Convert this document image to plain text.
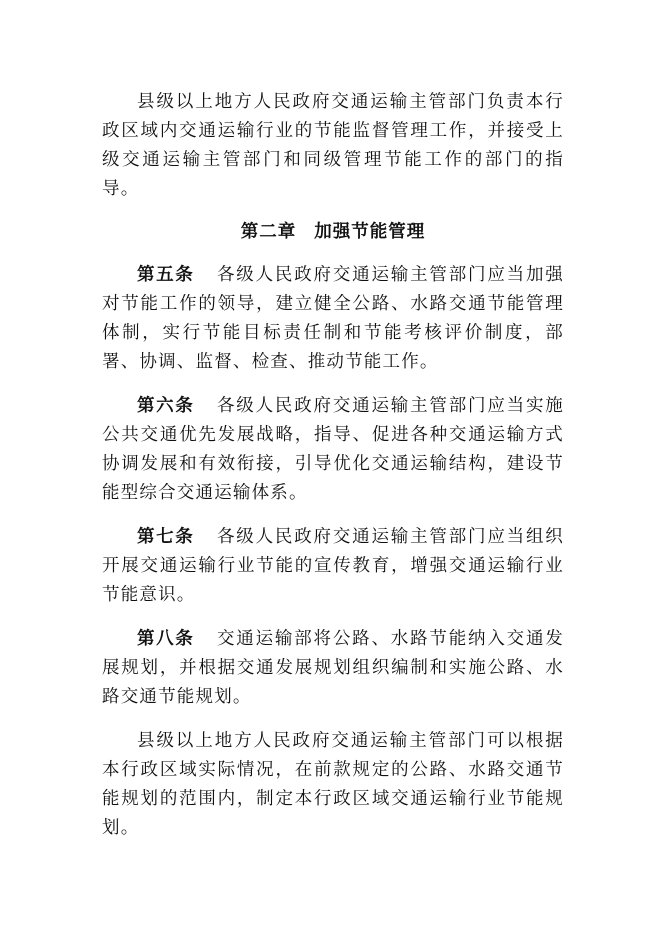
县级以上地方人民政府交通运输主管部门负责本行政区域内交通运输行业的节能监督管理工作，并接受上级交通运输主管部门和同级管理节能工作的部门的指导。

第二章 加强节能管理

第五条 各级人民政府交通运输主管部门应当加强对节能工作的领导，建立健全公路、水路交通节能管理体制，实行节能目标责任制和节能考核评价制度，部署、协调、监督、检查、推动节能工作。

第六条 各级人民政府交通运输主管部门应当实施公共交通优先发展战略，指导、促进各种交通运输方式协调发展和有效衔接，引导优化交通运输结构，建设节能型综合交通运输体系。

第七条 各级人民政府交通运输主管部门应当组织开展交通运输行业节能的宣传教育，增强交通运输行业节能意识。

第八条 交通运输部将公路、水路节能纳入交通发展规划，并根据交通发展规划组织编制和实施公路、水路交通节能规划。

县级以上地方人民政府交通运输主管部门可以根据本行政区域实际情况，在前款规定的公路、水路交通节能规划的范围内，制定本行政区域交通运输行业节能规划。
